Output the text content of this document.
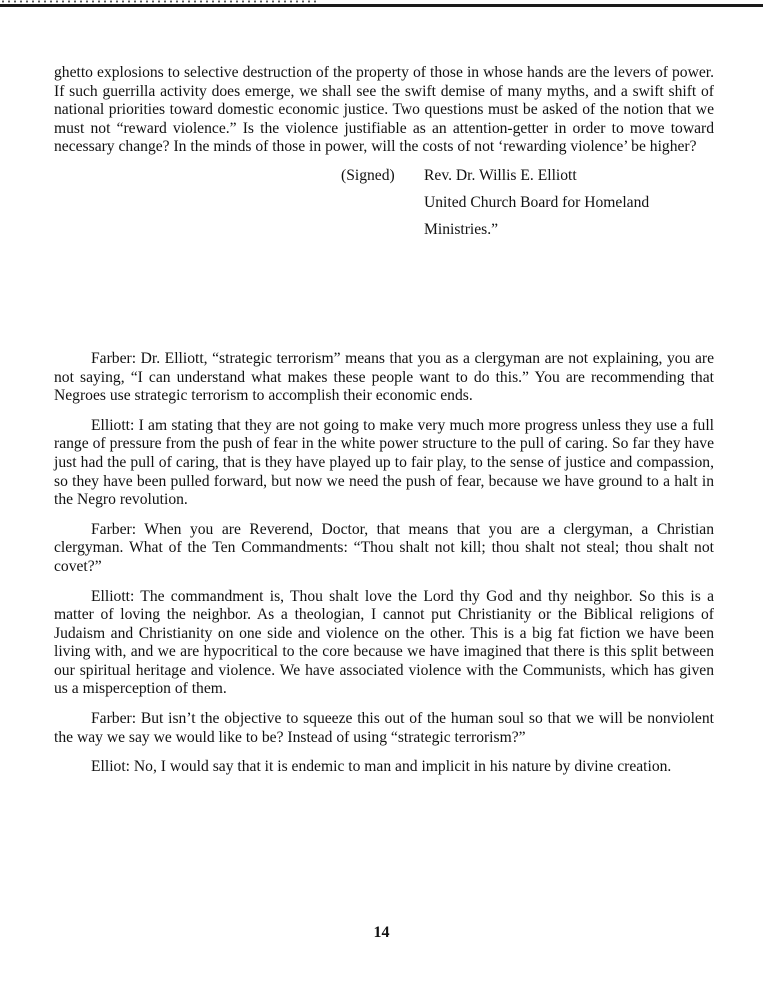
ghetto explosions to selective destruction of the property of those in whose hands are the levers of power. If such guerrilla activity does emerge, we shall see the swift demise of many myths, and a swift shift of national priorities toward domestic economic justice. Two questions must be asked of the notion that we must not “reward violence.” Is the violence justifiable as an attention-getter in order to move toward necessary change? In the minds of those in power, will the costs of not ‘rewarding violence’ be higher?

(Signed) Rev. Dr. Willis E. Elliott
United Church Board for Homeland
Ministries.”

Farber: Dr. Elliott, “strategic terrorism” means that you as a clergyman are not explaining, you are not saying, “I can understand what makes these people want to do this.” You are recommending that Negroes use strategic terrorism to accomplish their economic ends.

Elliott: I am stating that they are not going to make very much more progress unless they use a full range of pressure from the push of fear in the white power structure to the pull of caring. So far they have just had the pull of caring, that is they have played up to fair play, to the sense of justice and compassion, so they have been pulled forward, but now we need the push of fear, because we have ground to a halt in the Negro revolution.

Farber: When you are Reverend, Doctor, that means that you are a clergyman, a Christian clergyman. What of the Ten Commandments: “Thou shalt not kill; thou shalt not steal; thou shalt not covet?”

Elliott: The commandment is, Thou shalt love the Lord thy God and thy neighbor. So this is a matter of loving the neighbor. As a theologian, I cannot put Christianity or the Biblical religions of Judaism and Christianity on one side and violence on the other. This is a big fat fiction we have been living with, and we are hypocritical to the core because we have imagined that there is this split between our spiritual heritage and violence. We have associated violence with the Communists, which has given us a misperception of them.

Farber: But isn’t the objective to squeeze this out of the human soul so that we will be nonviolent the way we say we would like to be? Instead of using “strategic terrorism?”

Elliot: No, I would say that it is endemic to man and implicit in his nature by divine creation.

14
